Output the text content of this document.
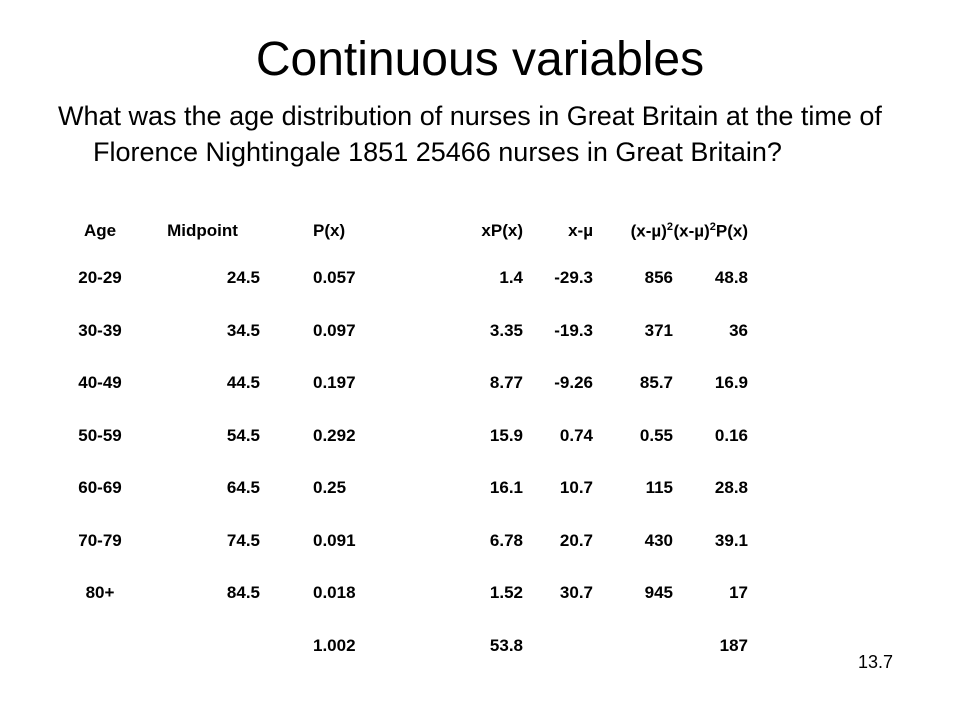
Continuous variables
What was the age distribution of nurses in Great Britain at the time of Florence Nightingale 1851 25466 nurses in Great Britain?
Age	Midpoint	P(x)	xP(x)	x-µ	$(x-\mu)^2$	$(x-\mu)^2P(x)$
20-29	24.5	0.057	1.4	-29.3	856	48.8
30-39	34.5	0.097	3.35	-19.3	371	36
40-49	44.5	0.197	8.77	-9.26	85.7	16.9
50-59	54.5	0.292	15.9	0.74	0.55	0.16
60-69	64.5	0.25	16.1	10.7	115	28.8
70-79	74.5	0.091	6.78	20.7	430	39.1
80+	84.5	0.018	1.52	30.7	945	17
		1.002	53.8			187
13.7
